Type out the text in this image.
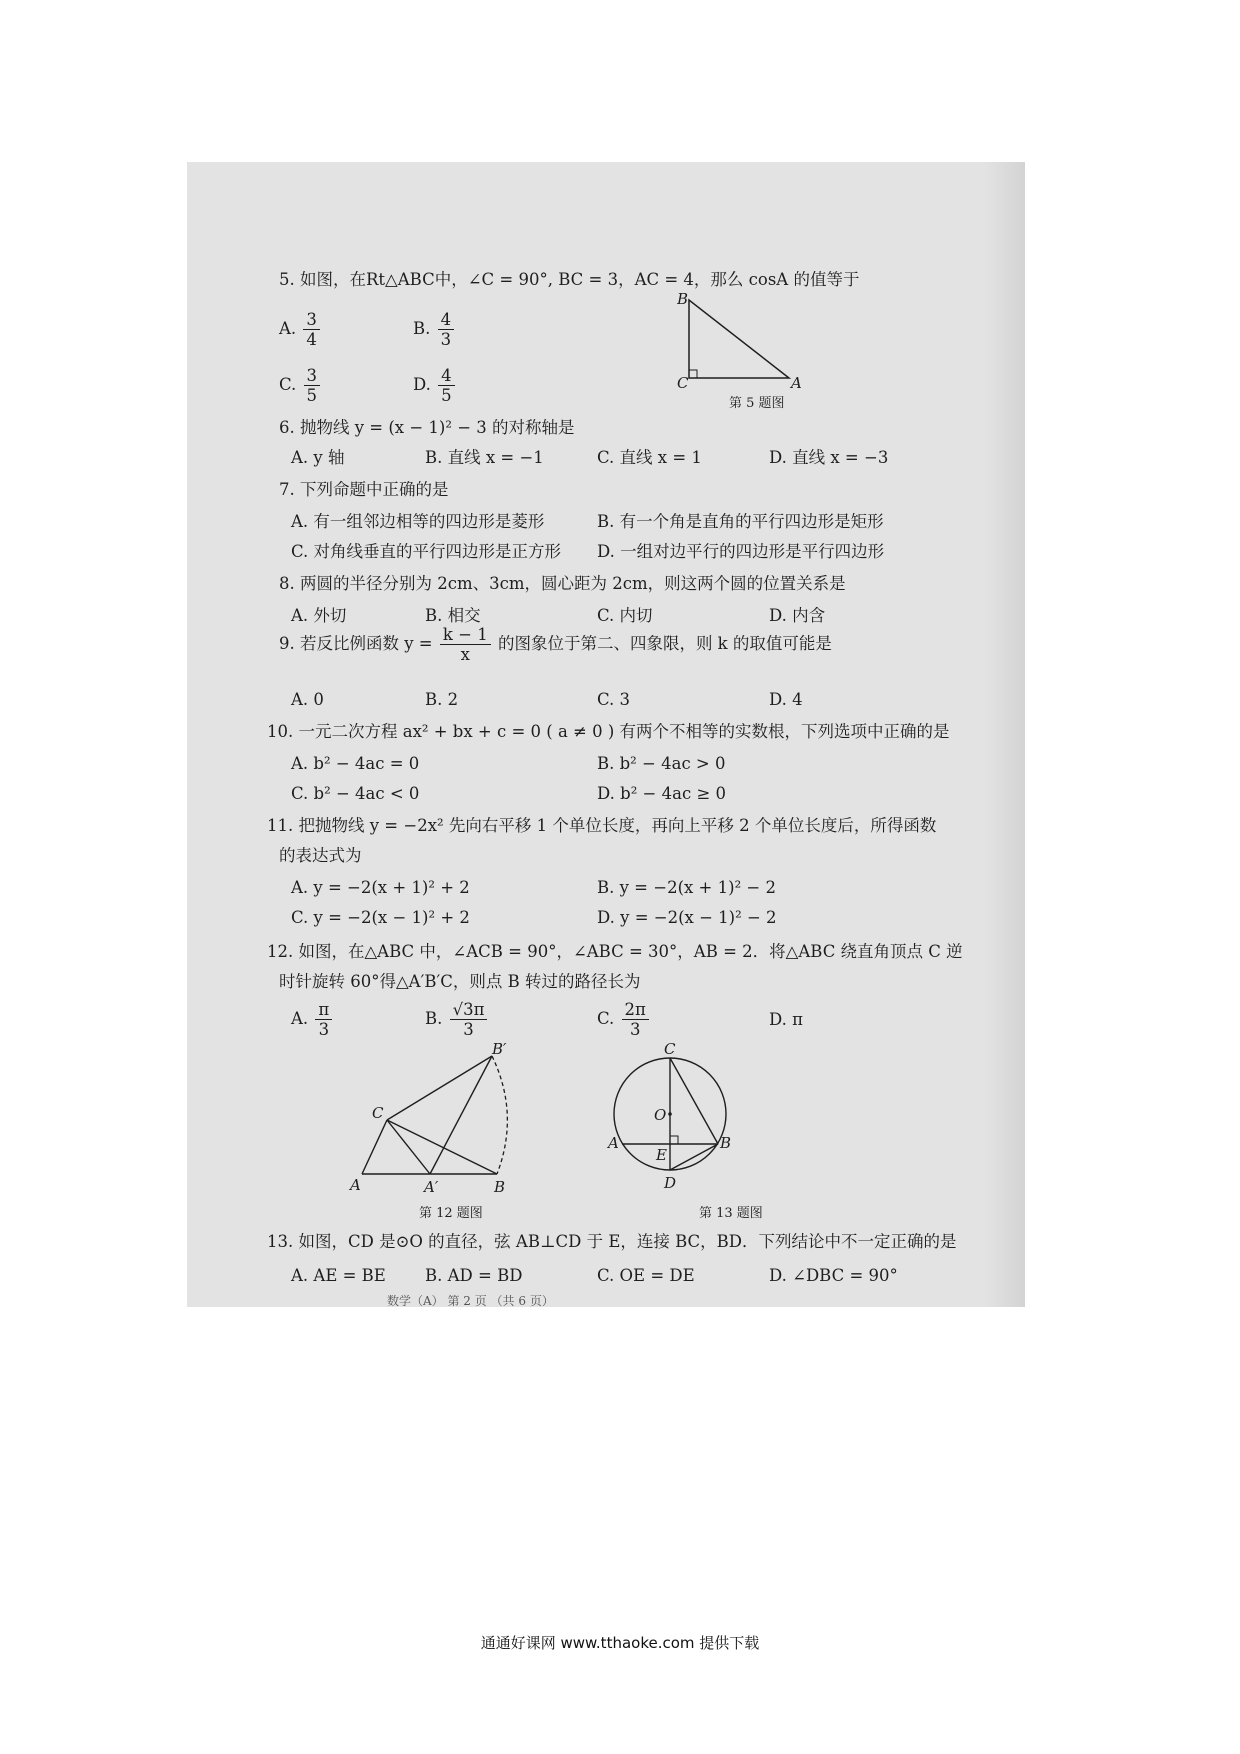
5. 如图，在Rt△ABC中，∠C = 90°, BC = 3，AC = 4，那么 cosA 的值等于
A. $\frac{3}{4}$	B. $\frac{4}{3}$
C. $\frac{3}{5}$	D. $\frac{4}{5}$
B
C	A
第 5 题图
6. 抛物线 y = (x − 1)² − 3 的对称轴是
A. y 轴	B. 直线 x = −1	C. 直线 x = 1	D. 直线 x = −3
7. 下列命题中正确的是
A. 有一组邻边相等的四边形是菱形	B. 有一个角是直角的平行四边形是矩形
C. 对角线垂直的平行四边形是正方形 D. 一组对边平行的四边形是平行四边形
8. 两圆的半径分别为 2cm、3cm，圆心距为 2cm，则这两个圆的位置关系是
A. 外切	B. 相交	C. 内切	D. 内含
9. 若反比例函数 $y = \frac{k - 1}{x}$ 的图象位于第二、四象限，则 k 的取值可能是
A. 0	B. 2	C. 3	D. 4
10. 一元二次方程 ax² + bx + c = 0 ( a ≠ 0 ) 有两个不相等的实数根，下列选项中正确的是
A. b² − 4ac = 0	B. b² − 4ac > 0
C. b² − 4ac < 0	D. b² − 4ac ≥ 0
11. 把抛物线 y = −2x² 先向右平移 1 个单位长度，再向上平移 2 个单位长度后，所得函数
的表达式为
A. y = −2(x + 1)² + 2	B. y = −2(x + 1)² − 2
C. y = −2(x − 1)² + 2	D. y = −2(x − 1)² − 2
12. 如图，在△ABC 中，∠ACB = 90°，∠ABC = 30°，AB = 2．将△ABC 绕直角顶点 C 逆
时针旋转 60°得△A′B′C，则点 B 转过的路径长为
A. $\frac{\pi}{3}$	B. $\frac{√3\pi}{3}$	C. $\frac{2\pi}{3}$	D. π
B′
C
A	A′	B
第 12 题图
C
O
A
E
B
D
第 13 题图
13. 如图，CD 是⊙O 的直径，弦 AB⊥CD 于 E，连接 BC，BD．下列结论中不一定正确的是
A. AE = BE B. AD = BD	C. OE = DE	D. ∠DBC = 90°
数学（A） 第 2 页 （共 6 页）
通通好课网 www.tthaoke.com 提供下载
